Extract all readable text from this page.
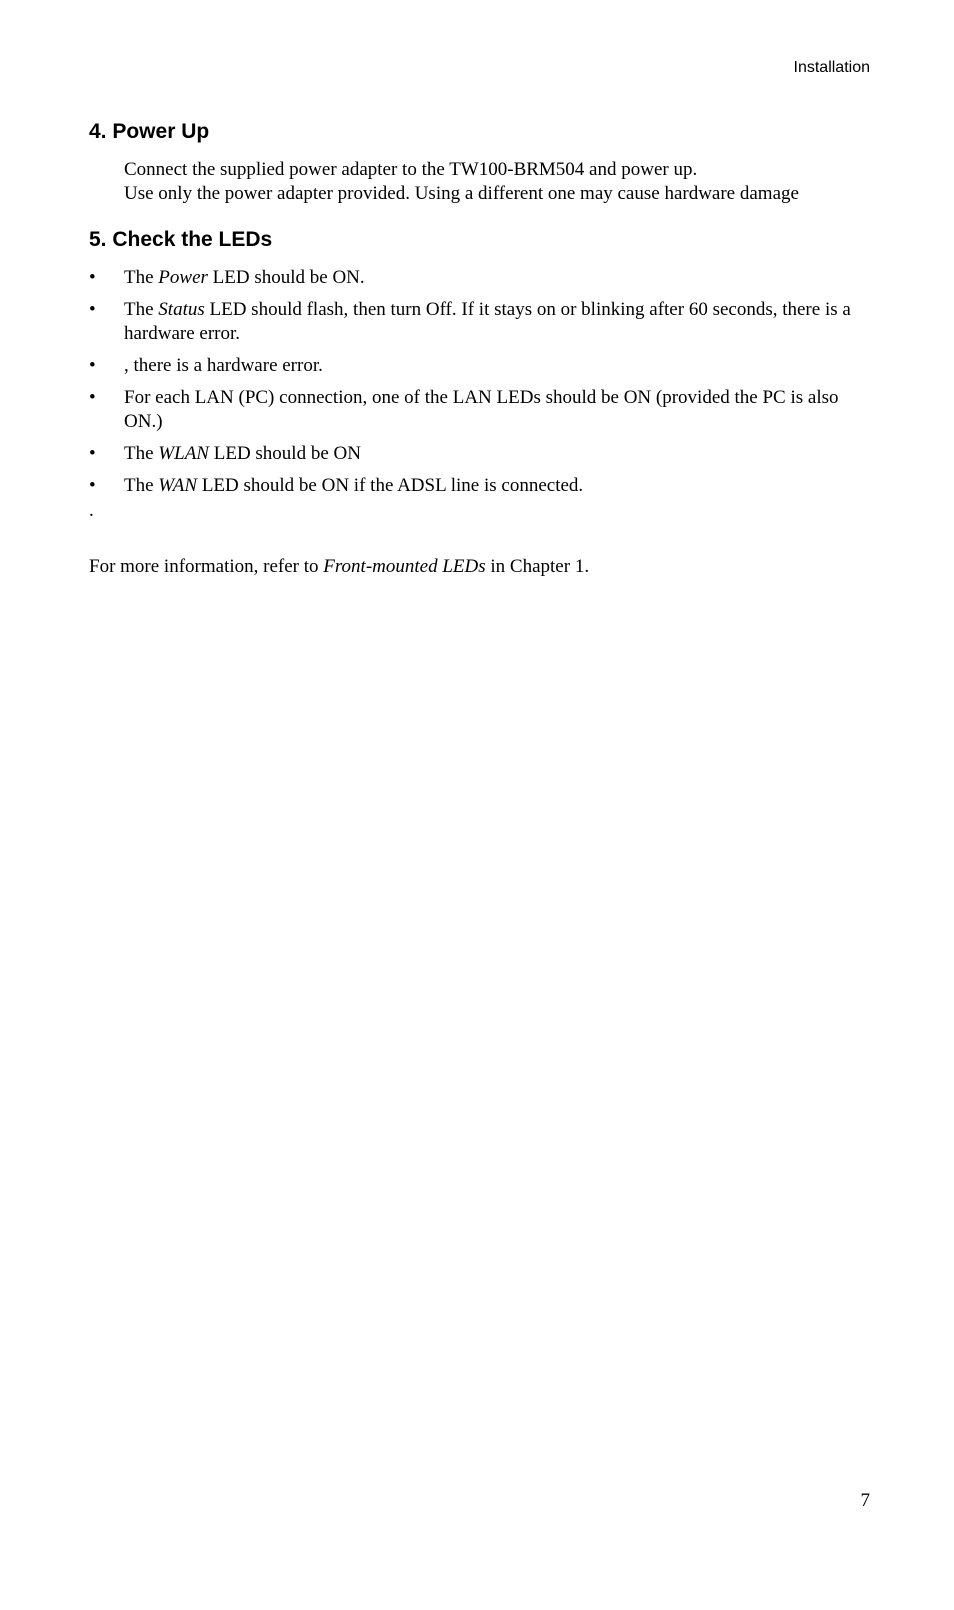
Installation
4. Power Up

Connect the supplied power adapter to the TW100-BRM504 and power up.

Use only the power adapter provided. Using a different one may cause hardware damage

5. Check the LEDs
• The Power LED should be ON.
• The Status LED should flash, then turn Off. If it stays on or blinking after 60 seconds, there is a hardware error.
• , there is a hardware error.
• For each LAN (PC) connection, one of the LAN LEDs should be ON (provided the PC is also ON.)
• The WLAN LED should be ON
• The WAN LED should be ON if the ADSL line is connected.
.

For more information, refer to Front-mounted LEDs in Chapter 1.

7
